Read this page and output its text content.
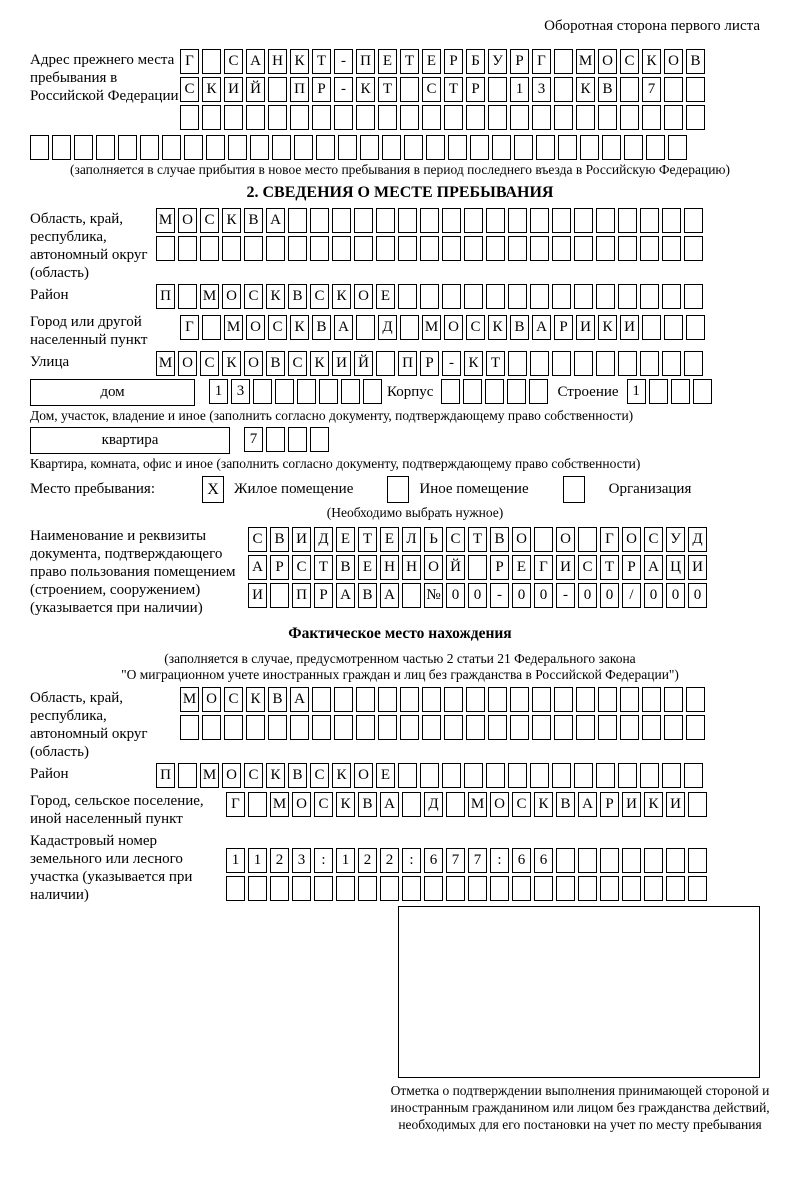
Оборотная сторона первого листа
Адрес прежнего места пребывания в Российской Федерации
Г	С А Н К Т - П Е Т Е Р Б У Р Г	М О С К О В
С К И Й П Р	- К Т	С Т Р	1 3	К В	7
(заполняется в случае прибытия в новое место пребывания в период последнего въезда в Российскую Федерацию)
2. СВЕДЕНИЯ О МЕСТЕ ПРЕБЫВАНИЯ
Область, край, республика, автономный округ (область)
М О С К В А
Район	П М О С К В С К О Е
Город или другой населенный пункт
Г	М О С К В А Д М О С К В А Р И К И
Улица	М О С К О В С К И Й П Р	- К Т
дом	1 3	Корпус	Строение 1
Дом, участок, владение и иное (заполнить согласно документу, подтверждающему право собственности)
квартира	7
Квартира, комната, офис и иное (заполнить согласно документу, подтверждающему право собственности)
Место пребывания:	X	Жилое помещение	Иное помещение	Организация
(Необходимо выбрать нужное)
Наименование и реквизиты документа, подтверждающего право пользования помещением (строением, сооружением) (указывается при наличии)
С В И Д Е Т Е Л Ь С Т В О О	Г О С У Д
А Р С Т В Е Н Н О Й	Р Е Г И С Т Р А Ц И
И П Р А В А № 0 0	-	0 0	-	0 0	/	0 0 0
Фактическое место нахождения
(заполняется в случае, предусмотренном частью 2 статьи 21 Федерального закона
"О миграционном учете иностранных граждан и лиц без гражданства в Российской Федерации")
Область, край, республика, автономный округ (область)
М О С К В А
Район	П М О С К В С К О Е
Город, сельское поселение, иной населенный пункт
Г	М О С К В А Д М О С К В А Р И К И
Кадастровый номер земельного или лесного участка (указывается при наличии)
1 1 2 3	:	1 2 2	:	6 7 7	:	6 6
Отметка о подтверждении выполнения принимающей стороной и иностранным гражданином или лицом без гражданства действий, необходимых для его постановки на учет по месту пребывания
